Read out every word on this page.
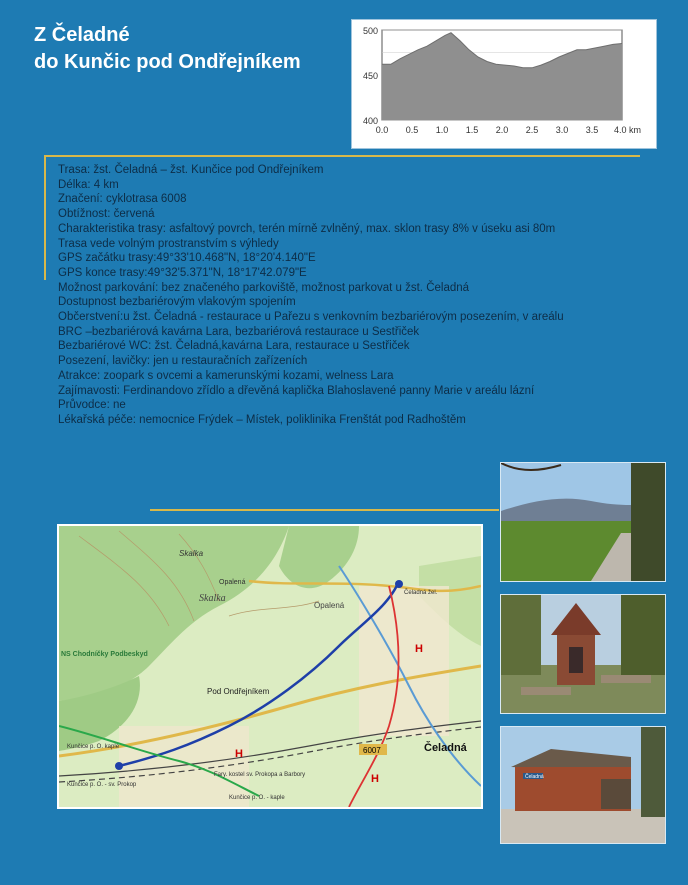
Z Čeladné
do Kunčic pod Ondřejníkem
500
450
400
0.0 0.5 1.0 1.5 2.0 2.5 3.0 3.5 4.0 km
Trasa: žst. Čeladná – žst. Kunčice pod Ondřejníkem
Délka: 4 km
Značení: cyklotrasa 6008
Obtížnost: červená
Charakteristika trasy: asfaltový povrch, terén mírně zvlněný, max. sklon trasy 8% v úseku asi 80m
Trasa vede volným prostranstvím s výhledy
GPS začátku trasy:49°33'10.468"N, 18°20'4.140"E
GPS konce trasy:49°32'5.371"N, 18°17'42.079"E
Možnost parkování: bez značeného parkoviště, možnost parkovat u žst. Čeladná
Dostupnost bezbariérovým vlakovým spojením
Občerstvení:u žst. Čeladná - restaurace u Pařezu s venkovním bezbariérovým posezením, v areálu
BRC –bezbariérová kavárna Lara, bezbariérová restaurace u Sestřiček
Bezbariérové WC: žst. Čeladná,kavárna Lara, restaurace u Sestřiček
Posezení, lavičky: jen u restauračních zařízeních
Atrakce: zoopark s ovcemi a kamerunskými kozami, welness Lara
Zajímavosti: Ferdinandovo zřídlo a dřevěná kaplička Blahoslavené panny Marie v areálu lázní
Průvodce: ne
Lékařská péče: nemocnice Frýdek – Místek, poliklinika Frenštát pod Radhoštěm
Skalka
Skalka
Opalená
Opalená
Pod Ondřejníkem
Čeladná
6007
NS Chodníčky Podbeskyd
Kunčice p. O. kaple
Kunčice p. O. - sv. Prokop
Kunčice p. O. - kaple
Fary. kostel sv. Prokopa a Barbory
Čeladná žel.
H
H
H
Čeladná
